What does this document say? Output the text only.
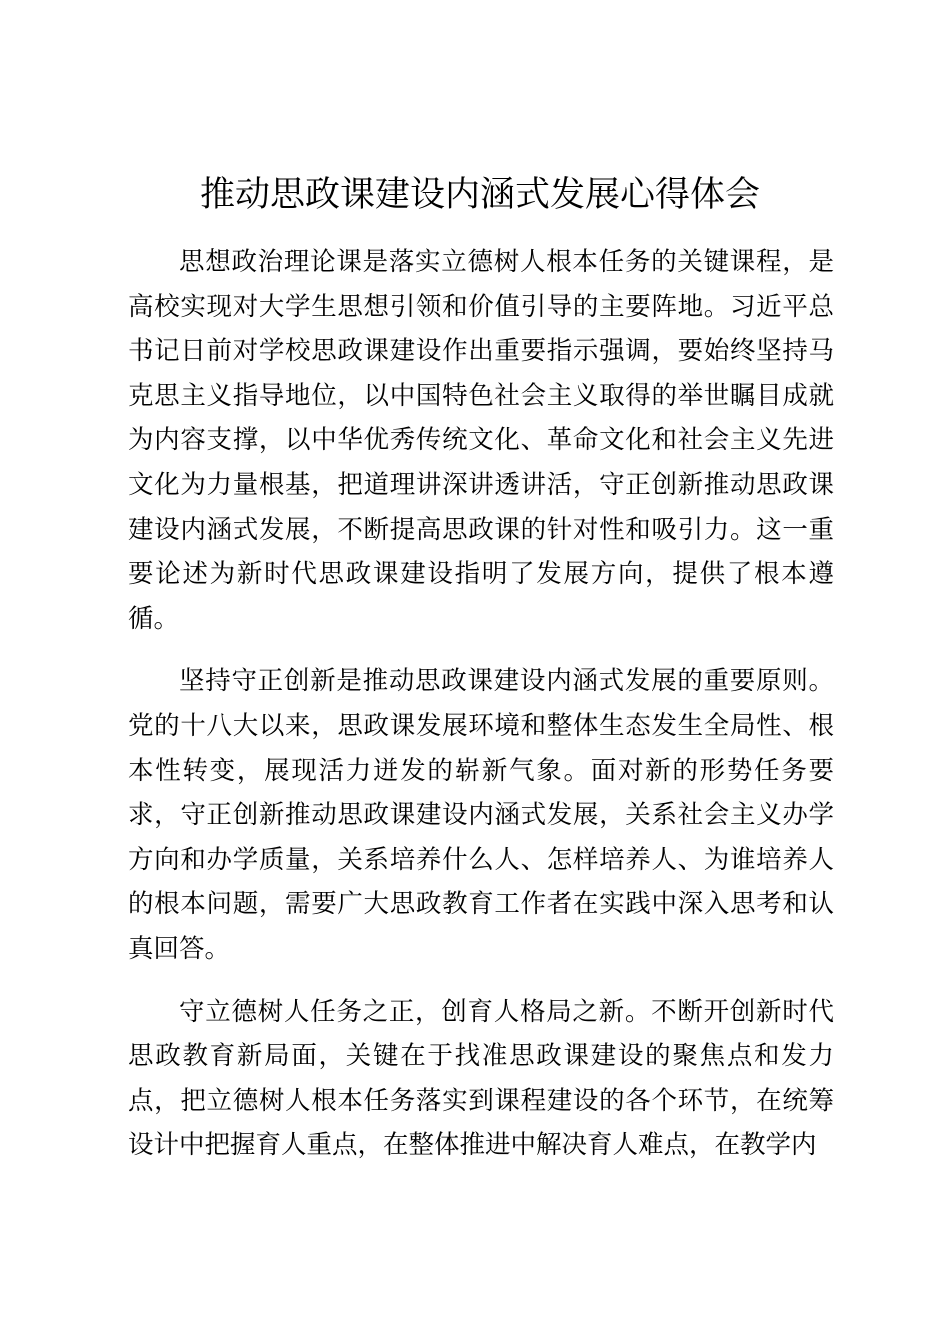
推动思政课建设内涵式发展心得体会

思想政治理论课是落实立德树人根本任务的关键课程，是高校实现对大学生思想引领和价值引导的主要阵地。习近平总书记日前对学校思政课建设作出重要指示强调，要始终坚持马克思主义指导地位，以中国特色社会主义取得的举世瞩目成就为内容支撑，以中华优秀传统文化、革命文化和社会主义先进文化为力量根基，把道理讲深讲透讲活，守正创新推动思政课建设内涵式发展，不断提高思政课的针对性和吸引力。这一重要论述为新时代思政课建设指明了发展方向，提供了根本遵循。

坚持守正创新是推动思政课建设内涵式发展的重要原则。党的十八大以来，思政课发展环境和整体生态发生全局性、根本性转变，展现活力迸发的崭新气象。面对新的形势任务要求，守正创新推动思政课建设内涵式发展，关系社会主义办学方向和办学质量，关系培养什么人、怎样培养人、为谁培养人的根本问题，需要广大思政教育工作者在实践中深入思考和认真回答。

守立德树人任务之正，创育人格局之新。不断开创新时代思政教育新局面，关键在于找准思政课建设的聚焦点和发力点，把立德树人根本任务落实到课程建设的各个环节，在统筹设计中把握育人重点，在整体推进中解决育人难点，在教学内
